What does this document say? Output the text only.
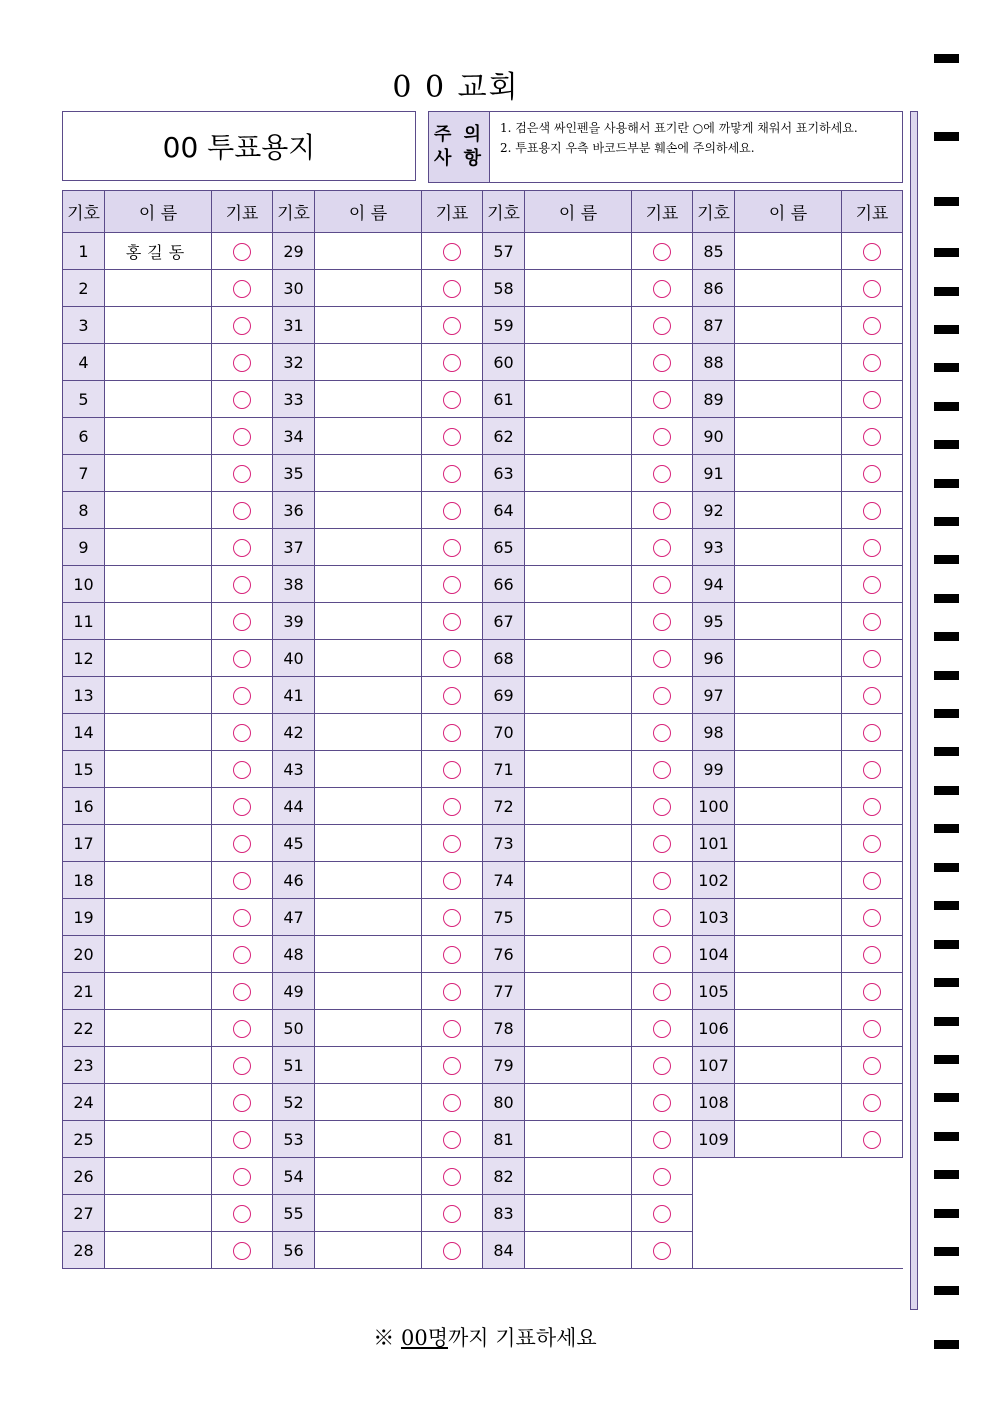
0 0 교회
00 투표용지	주 의
사 항
1. 검은색 싸인펜을 사용해서 표기란 ○에 까맣게 채워서 표기하세요.
2. 투표용지 우측 바코드부분 훼손에 주의하세요.
기호	이 름	기표	기호	이 름	기표	기호	이 름	기표	기호	이 름	기표
1	홍길동		29			57			85		
2			30			58			86		
3			31			59			87		
4			32			60			88		
5			33			61			89		
6			34			62			90		
7			35			63			91		
8			36			64			92		
9			37			65			93		
10			38			66			94		
11			39			67			95		
12			40			68			96		
13			41			69			97		
14			42			70			98		
15			43			71			99		
16			44			72			100		
17			45			73			101		
18			46			74			102		
19			47			75			103		
20			48			76			104		
21			49			77			105		
22			50			78			106		
23			51			79			107		
24			52			80			108		
25			53			81			109		
26			54			82					
27			55			83					
28			56			84					
※ 00명까지 기표하세요
